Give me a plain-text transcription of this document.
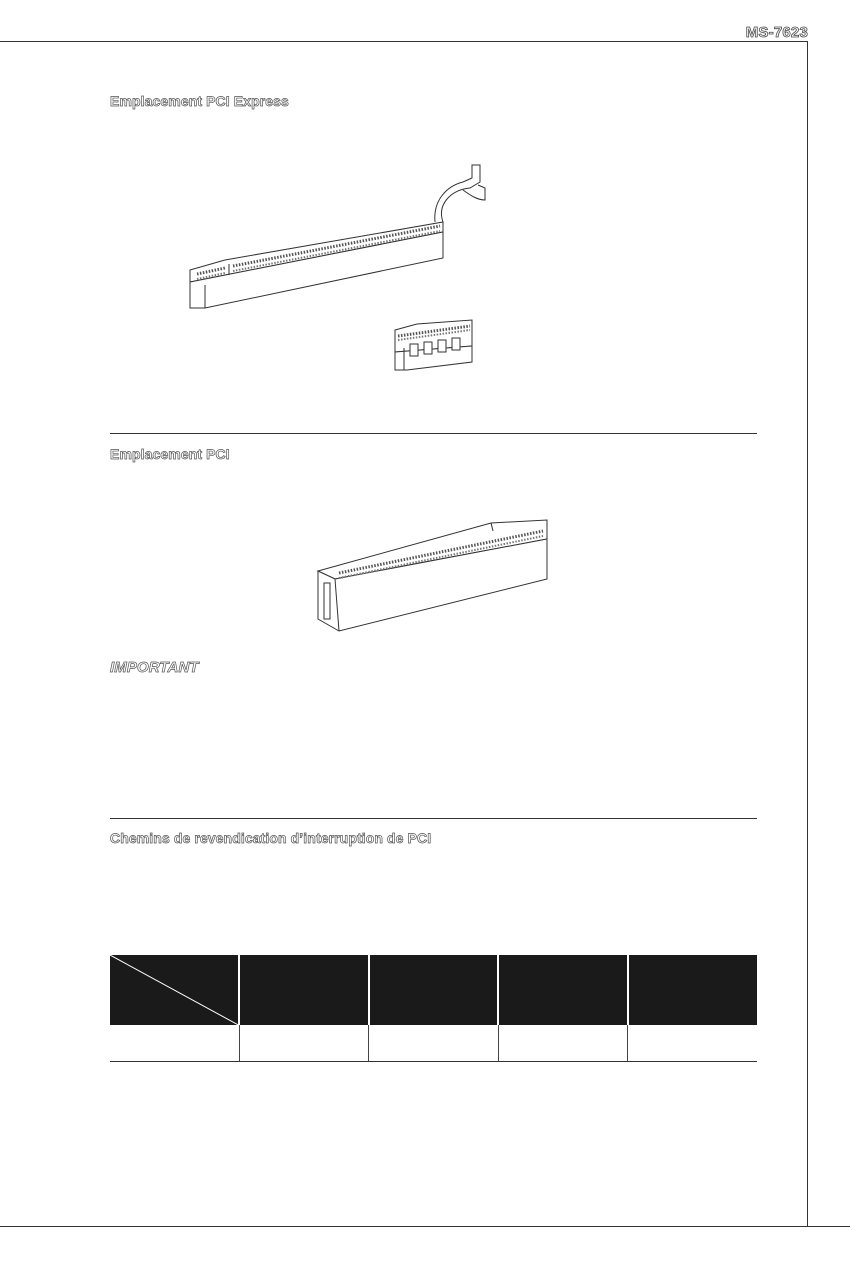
MS-7623
Emplacement PCI Express
Emplacement PCI
IMPORTANT
Chemins de revendication d’interruption de PCI
